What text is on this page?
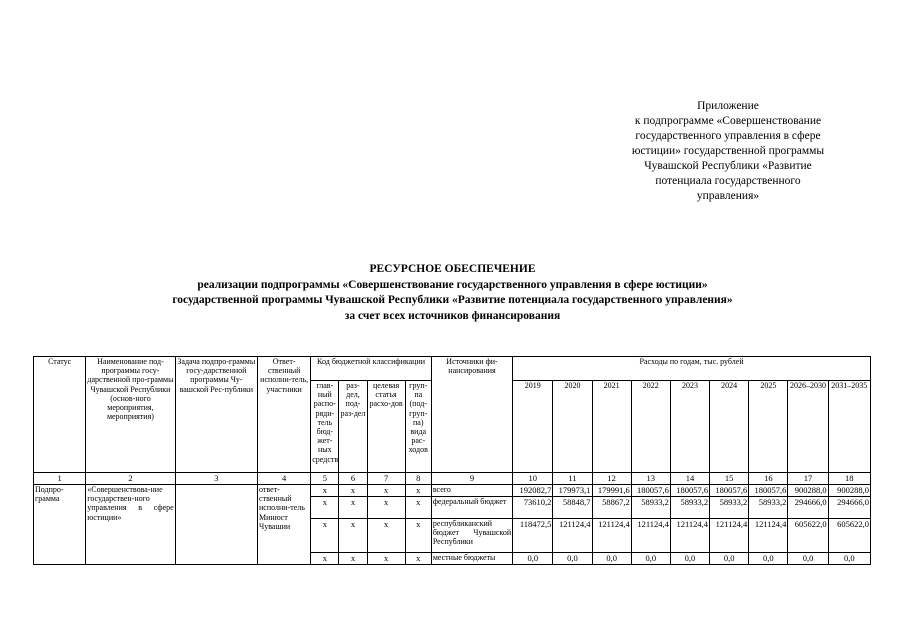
Приложение
к подпрограмме «Совершенствование
государственного управления в сфере
юстиции» государственной программы
Чувашской Республики «Развитие
потенциала государственного
управления»
РЕСУРСНОЕ ОБЕСПЕЧЕНИЕ
реализации подпрограммы «Совершенствование государственного управления в сфере юстиции»
государственной программы Чувашской Республики «Развитие потенциала государственного управления»
за счет всех источников финансирования
Статус	Наименование под-программы госу-дарственной про-граммы Чувашской Республики (основ-ного мероприятия, мероприятия)	Задача подпро-граммы госу-дарственной программы Чу-вашской Рес-публики	Ответ-ственный исполни-тель, участники	Код бюджетной классификации				Источники фи-нансирования	Расходы по годам, тыс. рублей								
				глав-ный распо-ряди-тель бюд-жет-ных средств	раз-дел, под-раз-дел	целевая статья расхо-дов	груп-па (под-груп-па) вида рас-ходов		2019	2020	2021	2022	2023	2024	2025	2026–2030	2031–2035
1	2	3	4	5	6	7	8	9	10	11	12	13	14	15	16	17	18
Подпро-грамма	«Совершенствова-ние государствен-ного управления в сфере юстиции»		ответ-ственный исполни-тель Минюст Чувашии	x	x	x	x	всего	192082,7	179973,1	179991,6	180057,6	180057,6	180057,6	180057,6	900288,0	900288,0
				x	x	x	x	федеральный бюджет	73610,2	58848,7	58867,2	58933,2	58933,2	58933,2	58933,2	294666,0	294666,0
				x	x	x	x	республиканский бюджет Чувашской Республики	118472,5	121124,4	121124,4	121124,4	121124,4	121124,4	121124,4	605622,0	605622,0
				x	x	x	x	местные бюджеты	0,0	0,0	0,0	0,0	0,0	0,0	0,0	0,0	0,0
